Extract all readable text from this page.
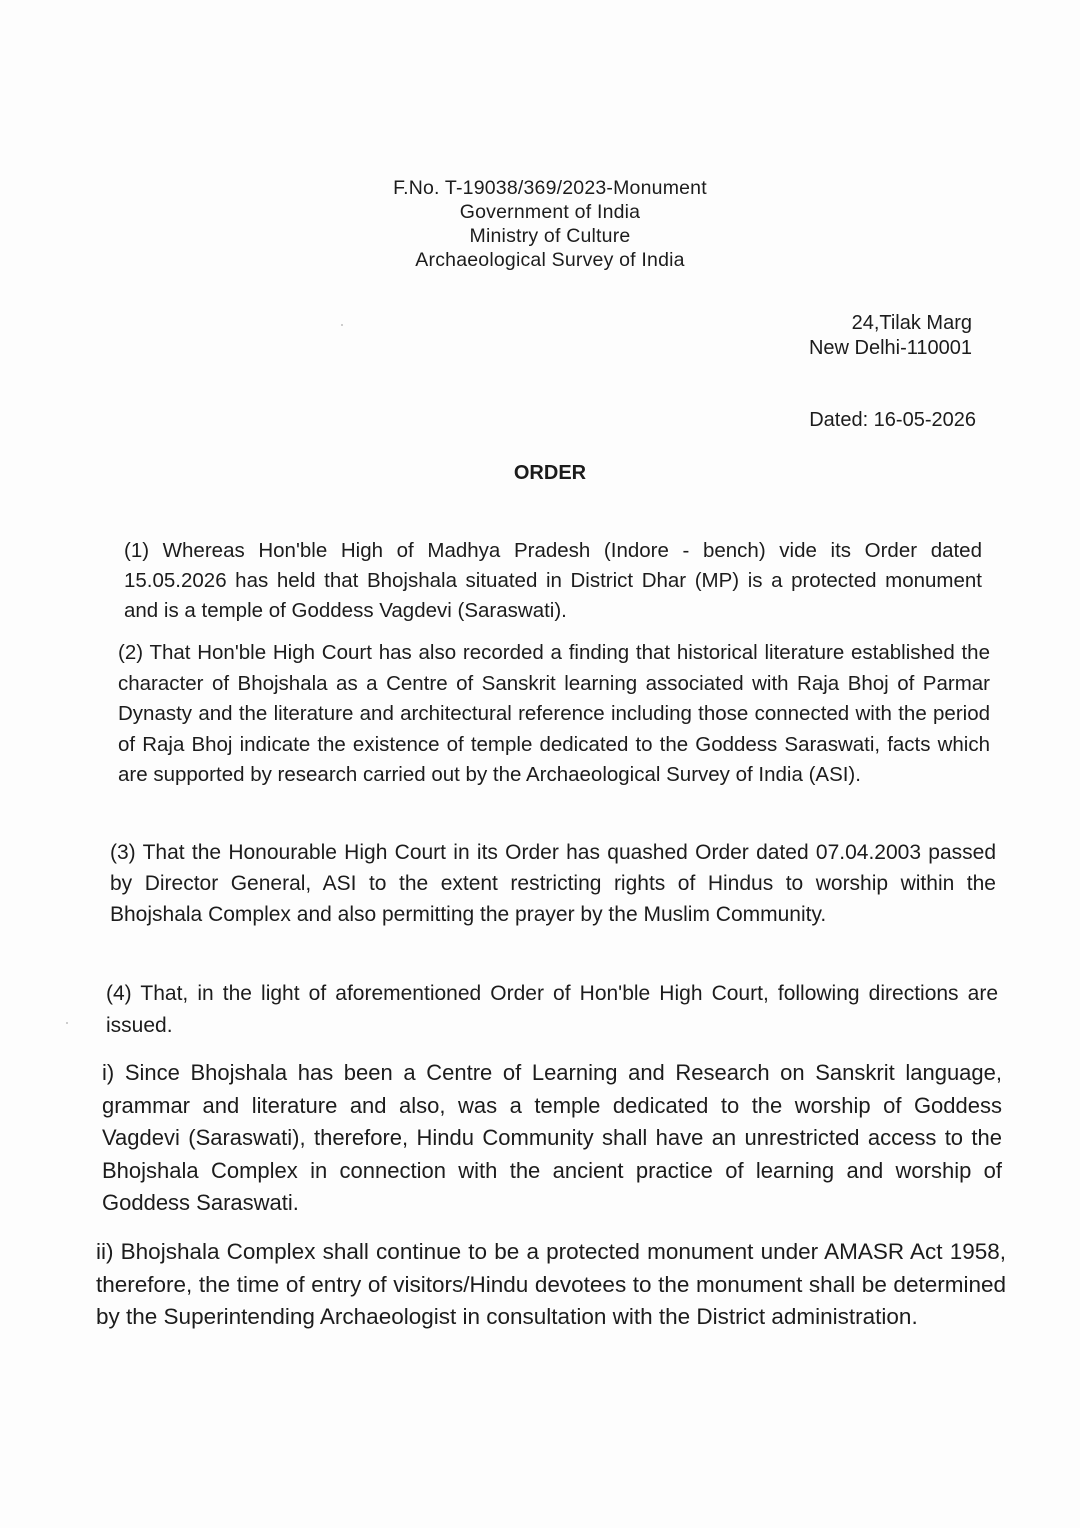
F.No. T-19038/369/2023-Monument
Government of India
Ministry of Culture
Archaeological Survey of India
24,Tilak Marg
New Delhi-110001
Dated: 16-05-2026
ORDER

(1) Whereas Hon'ble High of Madhya Pradesh (Indore - bench) vide its Order dated 15.05.2026 has held that Bhojshala situated in District Dhar (MP) is a protected monument and is a temple of Goddess Vagdevi (Saraswati).

(2) That Hon'ble High Court has also recorded a finding that historical literature established the character of Bhojshala as a Centre of Sanskrit learning associated with Raja Bhoj of Parmar Dynasty and the literature and architectural reference including those connected with the period of Raja Bhoj indicate the existence of temple dedicated to the Goddess Saraswati, facts which are supported by research carried out by the Archaeological Survey of India (ASI).

(3) That the Honourable High Court in its Order has quashed Order dated 07.04.2003 passed by Director General, ASI to the extent restricting rights of Hindus to worship within the Bhojshala Complex and also permitting the prayer by the Muslim Community.

(4) That, in the light of aforementioned Order of Hon'ble High Court, following directions are issued.

i) Since Bhojshala has been a Centre of Learning and Research on Sanskrit language, grammar and literature and also, was a temple dedicated to the worship of Goddess Vagdevi (Saraswati), therefore, Hindu Community shall have an unrestricted access to the Bhojshala Complex in connection with the ancient practice of learning and worship of Goddess Saraswati.

ii) Bhojshala Complex shall continue to be a protected monument under AMASR Act 1958, therefore, the time of entry of visitors/Hindu devotees to the monument shall be determined by the Superintending Archaeologist in consultation with the District administration.
